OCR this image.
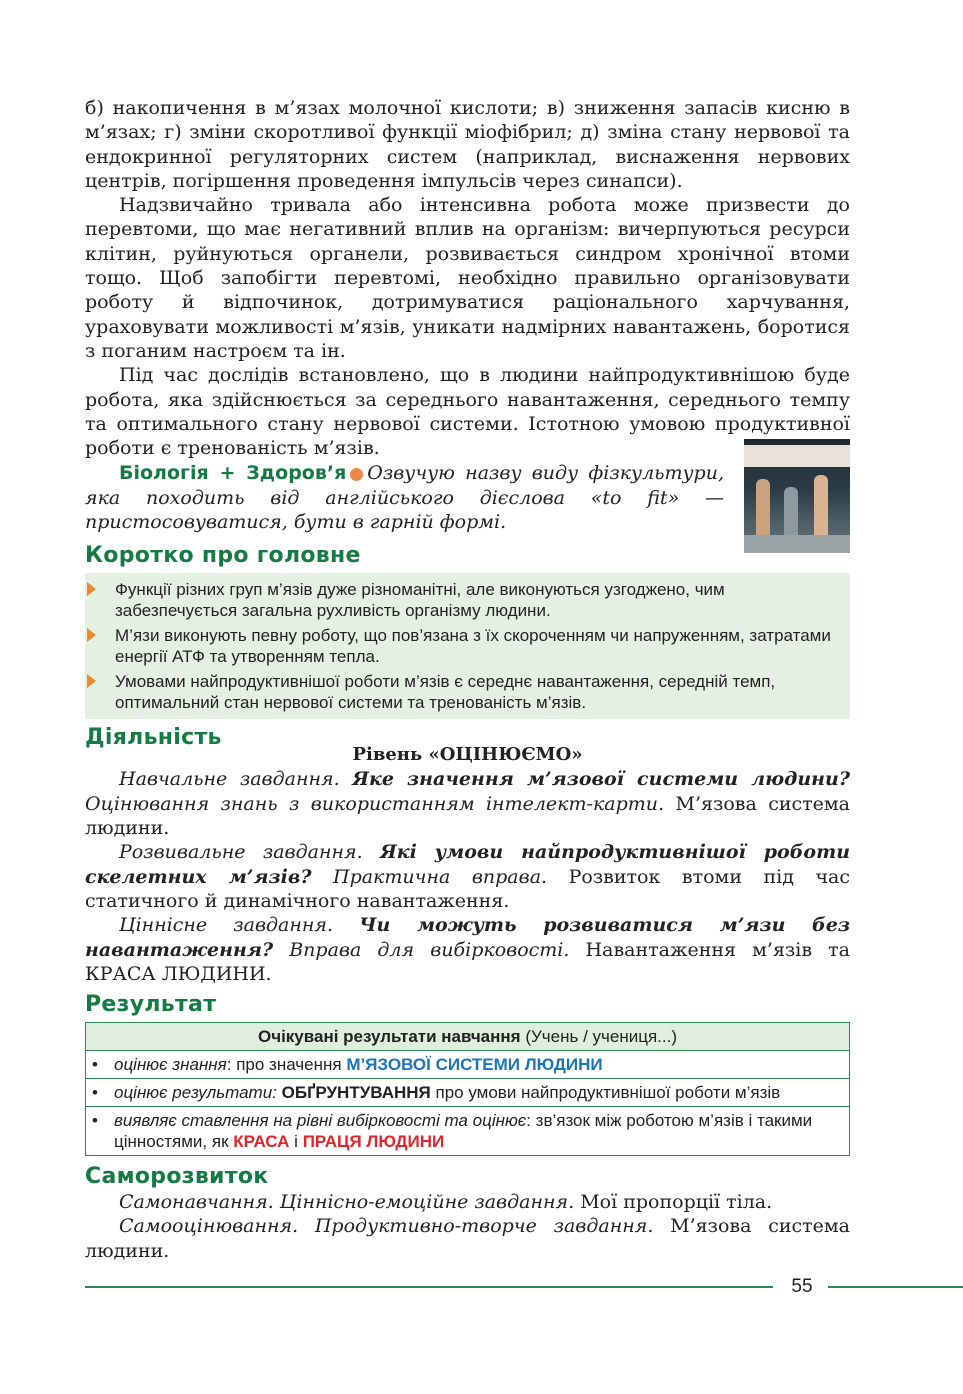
б) накопичення в м’язах молочної кислоти; в) зниження запасів кисню в м’язах; г) зміни скоротливої функції міофібрил; д) зміна стану нервової та ендокринної регуляторних систем (наприклад, виснаження нервових центрів, погіршення проведення імпульсів через синапси).

Надзвичайно тривала або інтенсивна робота може призвести до перевтоми, що має негативний вплив на організм: вичерпуються ресурси клітин, руйнуються органели, розвивається синдром хронічної втоми тощо. Щоб запобігти перевтомі, необхідно правильно організовувати роботу й відпочинок, дотримуватися раціонального харчування, ураховувати можливості м’язів, уникати надмірних навантажень, боротися з поганим настроєм та ін.

Під час дослідів встановлено, що в людини найпродуктивнішою буде робота, яка здійснюється за середнього навантаження, середнього темпу та оптимального стану нервової системи. Істотною умовою продуктивної роботи є тренованість м’язів.

Біологія + Здоров’я Озвучую назву виду фізкультури, яка походить від англійського дієслова «to fit» — пристосовуватися, бути в гарній формі.

Коротко про головне

Функції різних груп м’язів дуже різноманітні, але виконуються узгоджено, чим забезпечується загальна рухливість організму людини.

М’язи виконують певну роботу, що пов’язана з їх скороченням чи напруженням, затратами енергії АТФ та утворенням тепла.

Умовами найпродуктивнішої роботи м’язів є середнє навантаження, середній темп, оптимальний стан нервової системи та тренованість м’язів.

Діяльність

Рівень «ОЦІНЮЄМО»

Навчальне завдання. Яке значення м’язової системи людини? Оцінювання знань з використанням інтелект-карти. М’язова система людини.

Розвивальне завдання. Які умови найпродуктивнішої роботи скелетних м’язів? Практична вправа. Розвиток втоми під час статичного й динамічного навантаження.

Ціннісне завдання. Чи можуть розвиватися м’язи без навантаження? Вправа для вибірковості. Навантаження м’язів та КРАСА ЛЮДИНИ.

Результат
Очікувані результати навчання (Учень / учениця...)
• оцінює знання: про значення М’ЯЗОВОЇ СИСТЕМИ ЛЮДИНИ
• оцінює результати: ОБҐРУНТУВАННЯ про умови найпродуктивнішої роботи м’язів
• виявляє ставлення на рівні вибірковості та оцінює: зв’язок між роботою м’язів і такими цінностями, як КРАСА і ПРАЦЯ ЛЮДИНИ
Саморозвиток

Самонавчання. Ціннісно-емоційне завдання. Мої пропорції тіла.

Самооцінювання. Продуктивно-творче завдання. М’язова система людини.

55
